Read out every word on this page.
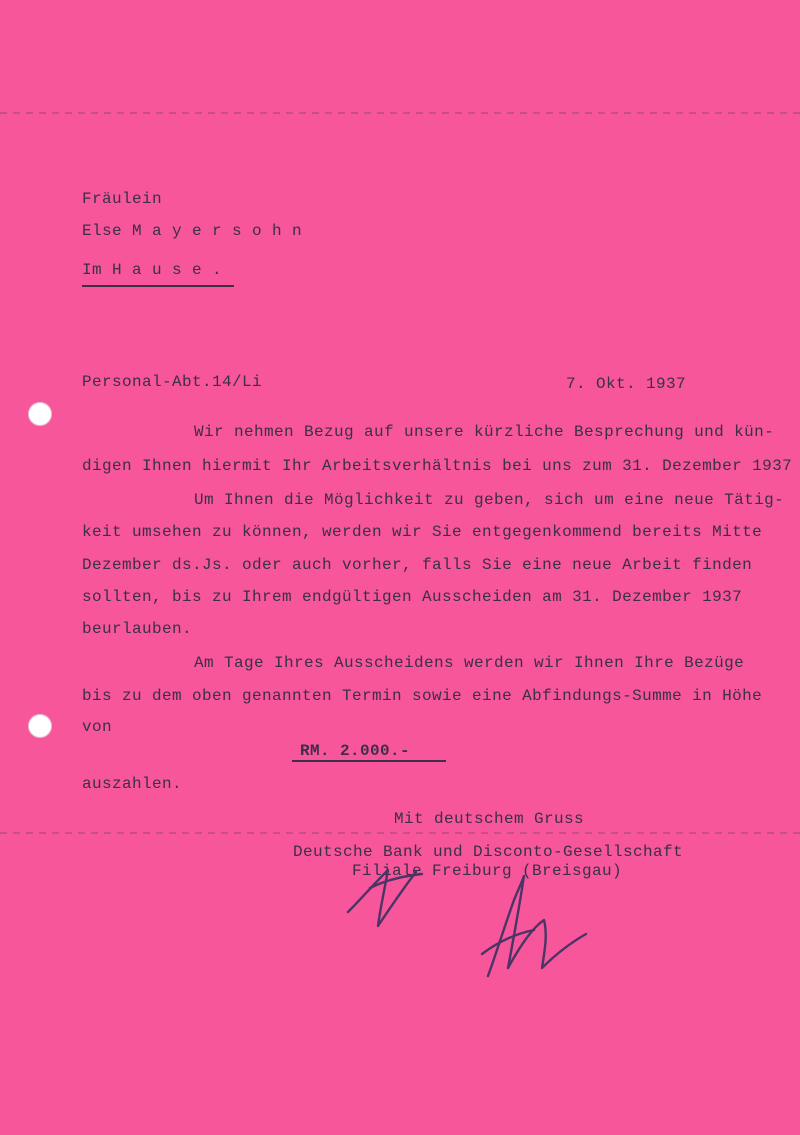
Fräulein
Else M a y e r s o h n
Im H a u s e .
Personal-Abt.14/Li	7. Okt. 1937
Wir nehmen Bezug auf unsere kürzliche Besprechung und kün-
digen Ihnen hiermit Ihr Arbeitsverhältnis bei uns zum 31. Dezember 1937
Um Ihnen die Möglichkeit zu geben, sich um eine neue Tätig-
keit umsehen zu können, werden wir Sie entgegenkommend bereits Mitte
Dezember ds.Js. oder auch vorher, falls Sie eine neue Arbeit finden
sollten, bis zu Ihrem endgültigen Ausscheiden am 31. Dezember 1937
beurlauben.
Am Tage Ihres Ausscheidens werden wir Ihnen Ihre Bezüge
bis zu dem oben genannten Termin sowie eine Abfindungs-Summe in Höhe
von
RM. 2.000.-
auszahlen.
Mit deutschem Gruss
Deutsche Bank und Disconto-Gesellschaft
Filiale Freiburg (Breisgau)
